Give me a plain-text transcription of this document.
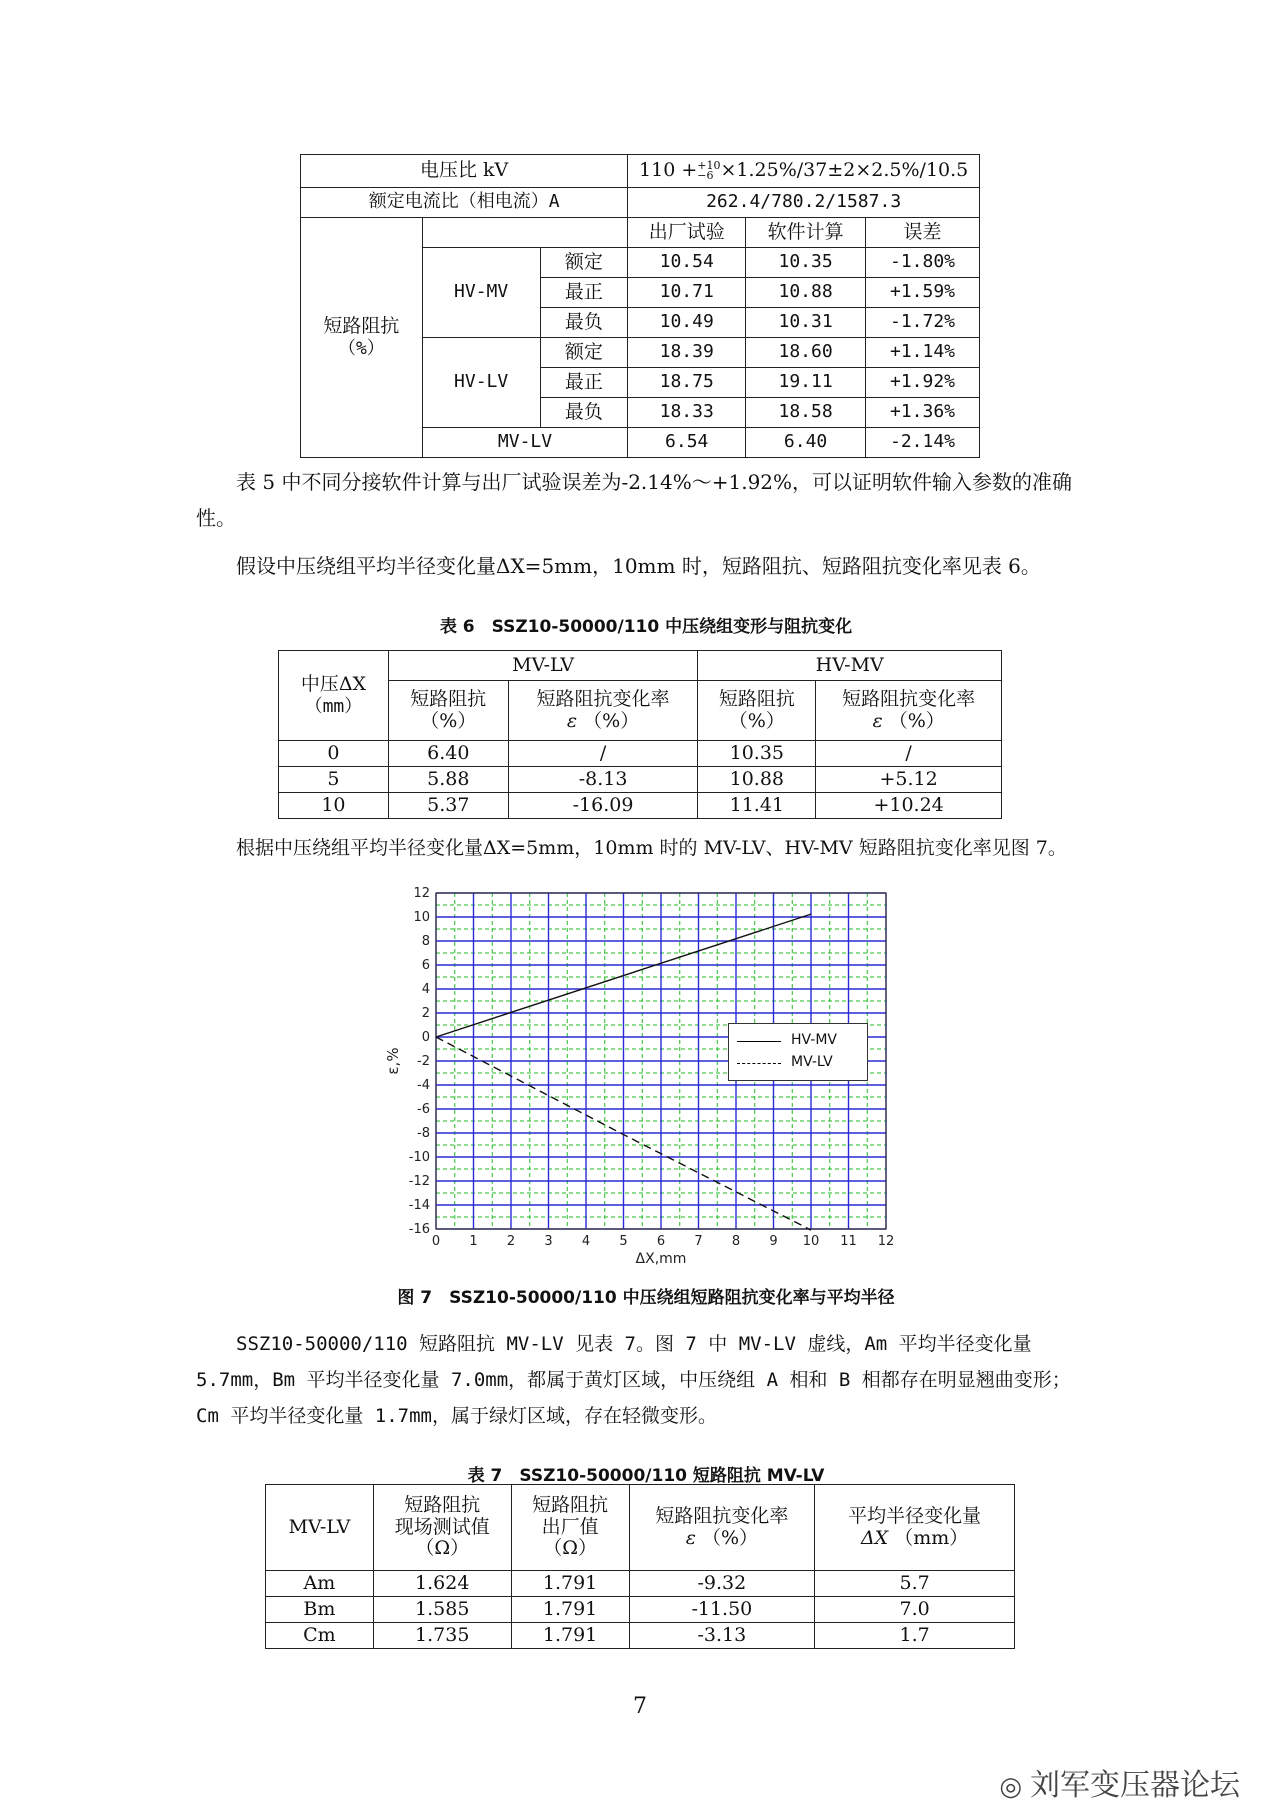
电压比 kV			110 ++10
−6 ×1.25%/37±2×2.5%/10.5		
额定电流比（相电流）A			262.4/780.2/1587.3		
短路阻抗
（%）			出厂试验	软件计算	误差
	HV-MV	额定	10.54	10.35	-1.80%
		最正	10.71	10.88	+1.59%
		最负	10.49	10.31	-1.72%
	HV-LV	额定	18.39	18.60	+1.14%
		最正	18.75	19.11	+1.92%
		最负	18.33	18.58	+1.36%
	MV-LV		6.54	6.40	-2.14%
表 5 中不同分接软件计算与出厂试验误差为-2.14%～+1.92%，可以证明软件输入参数的准确性。
假设中压绕组平均半径变化量ΔX=5mm，10mm 时，短路阻抗、短路阻抗变化率见表 6。
表 6　SSZ10-50000/110 中压绕组变形与阻抗变化
中压ΔX
（mm）	MV-LV		HV-MV	
	短路阻抗
（%）	短路阻抗变化率
ε （%）	短路阻抗
（%）	短路阻抗变化率
ε （%）
0	6.40	/	10.35	/
5	5.88	-8.13	10.88	+5.12
10	5.37	-16.09	11.41	+10.24
根据中压绕组平均半径变化量ΔX=5mm，10mm 时的 MV-LV、HV-MV 短路阻抗变化率见图 7。
0 1 2 3 4 5 6 7 8 9 10 11 12
12
10
8
6
4
2
0
-2
-4
-6
-8
-10
-12
-14
-16
ΔX,mm
ε,%
HV-MV
MV-LV
图 7　SSZ10-50000/110 中压绕组短路阻抗变化率与平均半径
SSZ10-50000/110 短路阻抗 MV-LV 见表 7。图 7 中 MV-LV 虚线，Am 平均半径变化量 5.7mm，Bm 平均半径变化量 7.0mm，都属于黄灯区域，中压绕组 A 相和 B 相都存在明显翘曲变形；Cm 平均半径变化量 1.7mm，属于绿灯区域，存在轻微变形。
表 7　SSZ10-50000/110 短路阻抗 MV-LV
MV-LV	短路阻抗
现场测试值
（Ω）	短路阻抗
出厂值
（Ω）	短路阻抗变化率
ε （%）	平均半径变化量
ΔX （mm）
Am	1.624	1.791	-9.32	5.7
Bm	1.585	1.791	-11.50	7.0
Cm	1.735	1.791	-3.13	1.7
7
◎ 刘军变压器论坛
